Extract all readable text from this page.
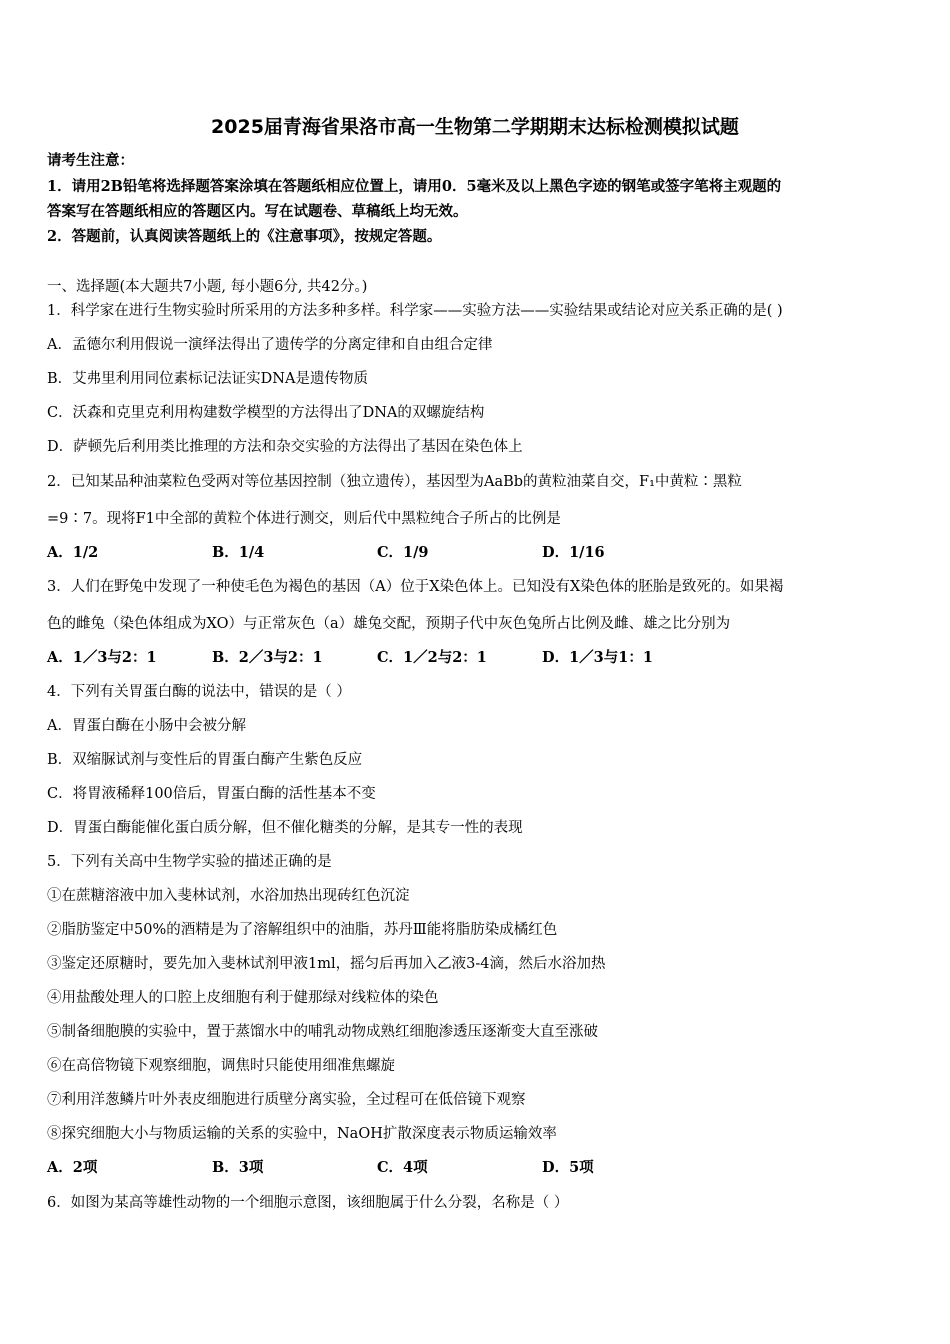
2025届青海省果洛市高一生物第二学期期末达标检测模拟试题
请考生注意：
1．请用2B铅笔将选择题答案涂填在答题纸相应位置上，请用0．5毫米及以上黑色字迹的钢笔或签字笔将主观题的
答案写在答题纸相应的答题区内。写在试题卷、草稿纸上均无效。
2．答题前，认真阅读答题纸上的《注意事项》，按规定答题。
一、选择题(本大题共7小题, 每小题6分, 共42分。)
1．科学家在进行生物实验时所采用的方法多种多样。科学家——实验方法——实验结果或结论对应关系正确的是( )
A．孟德尔利用假说一演绎法得出了遗传学的分离定律和自由组合定律
B．艾弗里利用同位素标记法证实DNA是遗传物质
C．沃森和克里克利用构建数学模型的方法得出了DNA的双螺旋结构
D．萨顿先后利用类比推理的方法和杂交实验的方法得出了基因在染色体上
2．已知某品种油菜粒色受两对等位基因控制（独立遗传），基因型为AaBb的黄粒油菜自交，F₁中黄粒∶黑粒
=9∶7。现将F1中全部的黄粒个体进行测交，则后代中黑粒纯合子所占的比例是
A．1/2	B．1/4	C．1/9	D．1/16
3．人们在野兔中发现了一种使毛色为褐色的基因（A）位于X染色体上。已知没有X染色体的胚胎是致死的。如果褐
色的雌兔（染色体组成为XO）与正常灰色（a）雄兔交配，预期子代中灰色兔所占比例及雌、雄之比分别为
A．1／3与2：1	B．2／3与2：1	C．1／2与2：1	D．1／3与1：1
4．下列有关胃蛋白酶的说法中，错误的是（ ）
A．胃蛋白酶在小肠中会被分解
B．双缩脲试剂与变性后的胃蛋白酶产生紫色反应
C．将胃液稀释100倍后，胃蛋白酶的活性基本不变
D．胃蛋白酶能催化蛋白质分解，但不催化糖类的分解，是其专一性的表现
5．下列有关高中生物学实验的描述正确的是
①在蔗糖溶液中加入斐林试剂，水浴加热出现砖红色沉淀
②脂肪鉴定中50%的酒精是为了溶解组织中的油脂，苏丹Ⅲ能将脂肪染成橘红色
③鉴定还原糖时，要先加入斐林试剂甲液1ml，摇匀后再加入乙液3-4滴，然后水浴加热
④用盐酸处理人的口腔上皮细胞有利于健那绿对线粒体的染色
⑤制备细胞膜的实验中，置于蒸馏水中的哺乳动物成熟红细胞渗透压逐渐变大直至涨破
⑥在高倍物镜下观察细胞，调焦时只能使用细准焦螺旋
⑦利用洋葱鳞片叶外表皮细胞进行质壁分离实验，全过程可在低倍镜下观察
⑧探究细胞大小与物质运输的关系的实验中，NaOH扩散深度表示物质运输效率
A．2项	B．3项	C．4项	D．5项
6．如图为某高等雄性动物的一个细胞示意图，该细胞属于什么分裂，名称是（ ）
